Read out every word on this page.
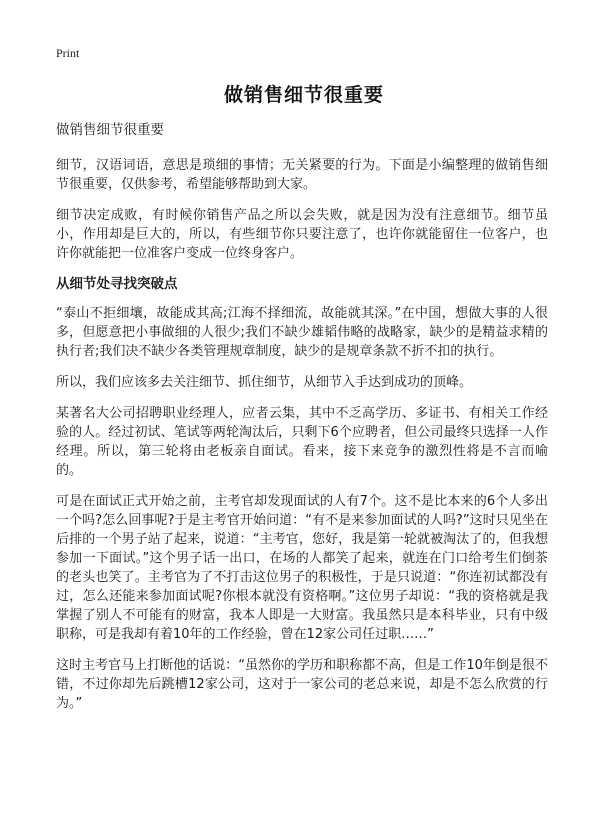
Print
做销售细节很重要
做销售细节很重要

细节，汉语词语，意思是琐细的事情；无关紧要的行为。下面是小编整理的做销售细节很重要，仅供参考，希望能够帮助到大家。

细节决定成败，有时候你销售产品之所以会失败，就是因为没有注意细节。细节虽小，作用却是巨大的，所以，有些细节你只要注意了，也许你就能留住一位客户，也许你就能把一位准客户变成一位终身客户。

从细节处寻找突破点

“泰山不拒细壤，故能成其高;江海不择细流，故能就其深。”在中国，想做大事的人很多，但愿意把小事做细的人很少;我们不缺少雄韬伟略的战略家，缺少的是精益求精的执行者;我们决不缺少各类管理规章制度，缺少的是规章条款不折不扣的执行。

所以，我们应该多去关注细节、抓住细节，从细节入手达到成功的顶峰。

某著名大公司招聘职业经理人，应者云集，其中不乏高学历、多证书、有相关工作经验的人。经过初试、笔试等两轮淘汰后，只剩下6个应聘者，但公司最终只选择一人作经理。所以，第三轮将由老板亲自面试。看来，接下来竞争的激烈性将是不言而喻的。

可是在面试正式开始之前，主考官却发现面试的人有7个。这不是比本来的6个人多出一个吗?怎么回事呢?于是主考官开始问道：“有不是来参加面试的人吗?”这时只见坐在后排的一个男子站了起来，说道：“主考官，您好，我是第一轮就被淘汰了的，但我想参加一下面试。”这个男子话一出口，在场的人都笑了起来，就连在门口给考生们倒茶的老头也笑了。主考官为了不打击这位男子的积极性，于是只说道：“你连初试都没有过，怎么还能来参加面试呢?你根本就没有资格啊。”这位男子却说：“我的资格就是我掌握了别人不可能有的财富，我本人即是一大财富。我虽然只是本科毕业，只有中级职称，可是我却有着10年的工作经验，曾在12家公司任过职……”

这时主考官马上打断他的话说：“虽然你的学历和职称都不高，但是工作10年倒是很不错，不过你却先后跳槽12家公司，这对于一家公司的老总来说，却是不怎么欣赏的行为。”
